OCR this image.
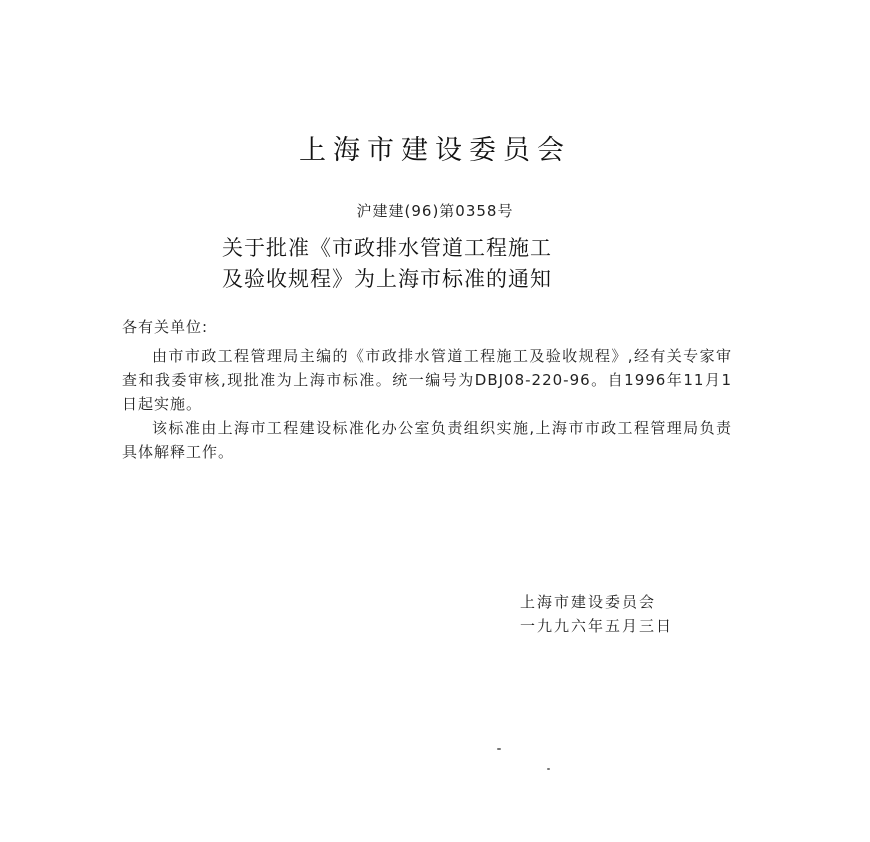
上海市建设委员会
沪建建(96)第0358号
关于批准《市政排水管道工程施工
及验收规程》为上海市标准的通知
各有关单位:

由市市政工程管理局主编的《市政排水管道工程施工及验收规程》,经有关专家审查和我委审核,现批准为上海市标准。统一编号为DBJ08-220-96。自1996年11月1日起实施。

该标准由上海市工程建设标准化办公室负责组织实施,上海市市政工程管理局负责具体解释工作。

上海市建设委员会
一九九六年五月三日
